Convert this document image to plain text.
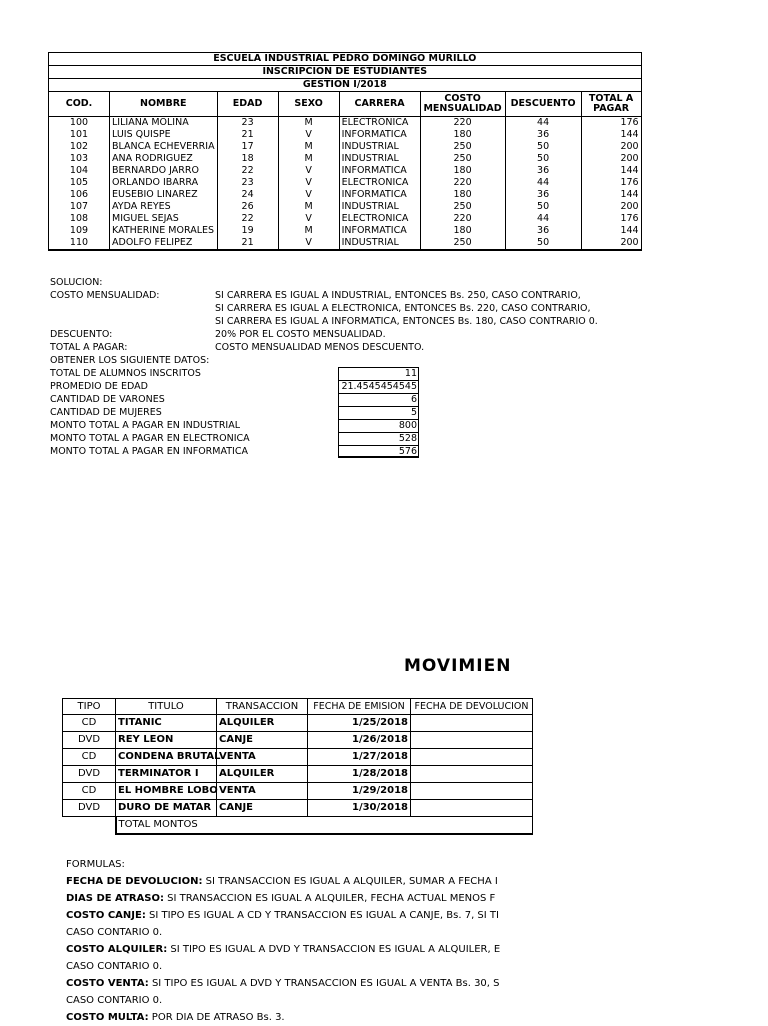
ESCUELA INDUSTRIAL PEDRO DOMINGO MURILLO							
INSCRIPCION DE ESTUDIANTES							
GESTION I/2018							
COD.	NOMBRE	EDAD	SEXO	CARRERA	COSTO MENSUALIDAD	DESCUENTO	TOTAL A PAGAR
100	LILIANA MOLINA	23	M	ELECTRONICA	220	44	176
101	LUIS QUISPE	21	V	INFORMATICA	180	36	144
102	BLANCA ECHEVERRIA	17	M	INDUSTRIAL	250	50	200
103	ANA RODRIGUEZ	18	M	INDUSTRIAL	250	50	200
104	BERNARDO JARRO	22	V	INFORMATICA	180	36	144
105	ORLANDO IBARRA	23	V	ELECTRONICA	220	44	176
106	EUSEBIO LINAREZ	24	V	INFORMATICA	180	36	144
107	AYDA REYES	26	M	INDUSTRIAL	250	50	200
108	MIGUEL SEJAS	22	V	ELECTRONICA	220	44	176
109	KATHERINE MORALES	19	M	INFORMATICA	180	36	144
110	ADOLFO FELIPEZ	21	V	INDUSTRIAL	250	50	200
SOLUCION:
COSTO MENSUALIDAD:	SI CARRERA ES IGUAL A INDUSTRIAL, ENTONCES Bs. 250, CASO CONTRARIO,
SI CARRERA ES IGUAL A ELECTRONICA, ENTONCES Bs. 220, CASO CONTRARIO,
SI CARRERA ES IGUAL A INFORMATICA, ENTONCES Bs. 180, CASO CONTRARIO 0.
DESCUENTO:	20% POR EL COSTO MENSUALIDAD.
TOTAL A PAGAR:	COSTO MENSUALIDAD MENOS DESCUENTO.
OBTENER LOS SIGUIENTE DATOS:
TOTAL DE ALUMNOS INSCRITOS	11
PROMEDIO DE EDAD	21.4545454545
CANTIDAD DE VARONES	6
CANTIDAD DE MUJERES	5
MONTO TOTAL A PAGAR EN INDUSTRIAL	800
MONTO TOTAL A PAGAR EN ELECTRONICA	528
MONTO TOTAL A PAGAR EN INFORMATICA	576
MOVIMIEN
TIPO	TITULO	TRANSACCION	FECHA DE EMISION	FECHA DE DEVOLUCION
CD	TITANIC	ALQUILER	1/25/2018	
DVD	REY LEON	CANJE	1/26/2018	
CD	CONDENA BRUTAL	VENTA	1/27/2018	
DVD	TERMINATOR I	ALQUILER	1/28/2018	
CD	EL HOMBRE LOBO	VENTA	1/29/2018	
DVD	DURO DE MATAR	CANJE	1/30/2018	
	TOTAL MONTOS			
FORMULAS:
FECHA DE DEVOLUCION: SI TRANSACCION ES IGUAL A ALQUILER, SUMAR A FECHA I
DIAS DE ATRASO: SI TRANSACCION ES IGUAL A ALQUILER, FECHA ACTUAL MENOS F
COSTO CANJE: SI TIPO ES IGUAL A CD Y TRANSACCION ES IGUAL A CANJE, Bs. 7, SI TI
CASO CONTARIO 0.
COSTO ALQUILER: SI TIPO ES IGUAL A DVD Y TRANSACCION ES IGUAL A ALQUILER, E
CASO CONTARIO 0.
COSTO VENTA: SI TIPO ES IGUAL A DVD Y TRANSACCION ES IGUAL A VENTA Bs. 30, S
CASO CONTARIO 0.
COSTO MULTA: POR DIA DE ATRASO Bs. 3.
